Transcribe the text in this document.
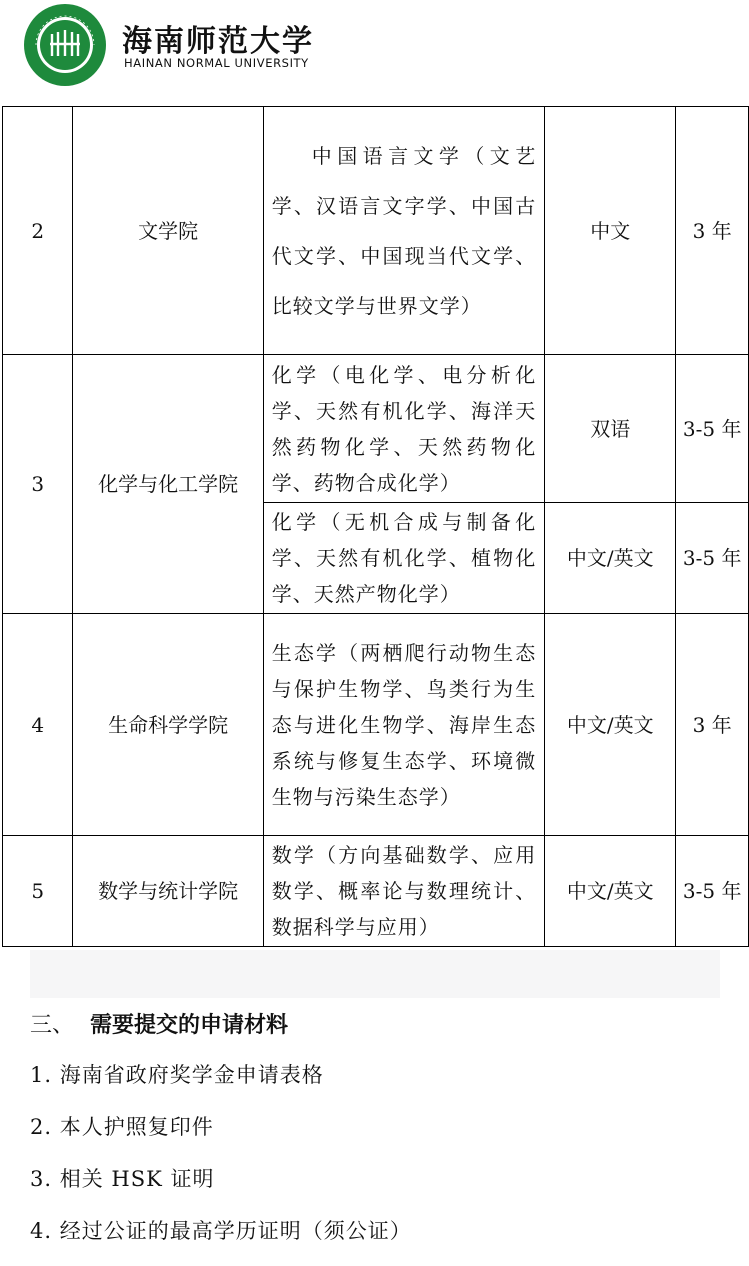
海南师范大学
HAINAN NORMAL UNIVERSITY
2	文学院	中国语言文学（文艺学、汉语言文字学、中国古代文学、中国现当代文学、比较文学与世界文学）	中文	3 年
3	化学与化工学院	化学（电化学、电分析化学、天然有机化学、海洋天然药物化学、天然药物化学、药物合成化学）	双语	3-5 年
		化学（无机合成与制备化学、天然有机化学、植物化学、天然产物化学）	中文/英文	3-5 年
4	生命科学学院	生态学（两栖爬行动物生态与保护生物学、鸟类行为生态与进化生物学、海岸生态系统与修复生态学、环境微生物与污染生态学）	中文/英文	3 年
5	数学与统计学院	数学（方向基础数学、应用数学、概率论与数理统计、数据科学与应用）	中文/英文	3-5 年
三、 需要提交的申请材料
1. 海南省政府奖学金申请表格
2. 本人护照复印件
3. 相关 HSK 证明
4. 经过公证的最高学历证明（须公证）
